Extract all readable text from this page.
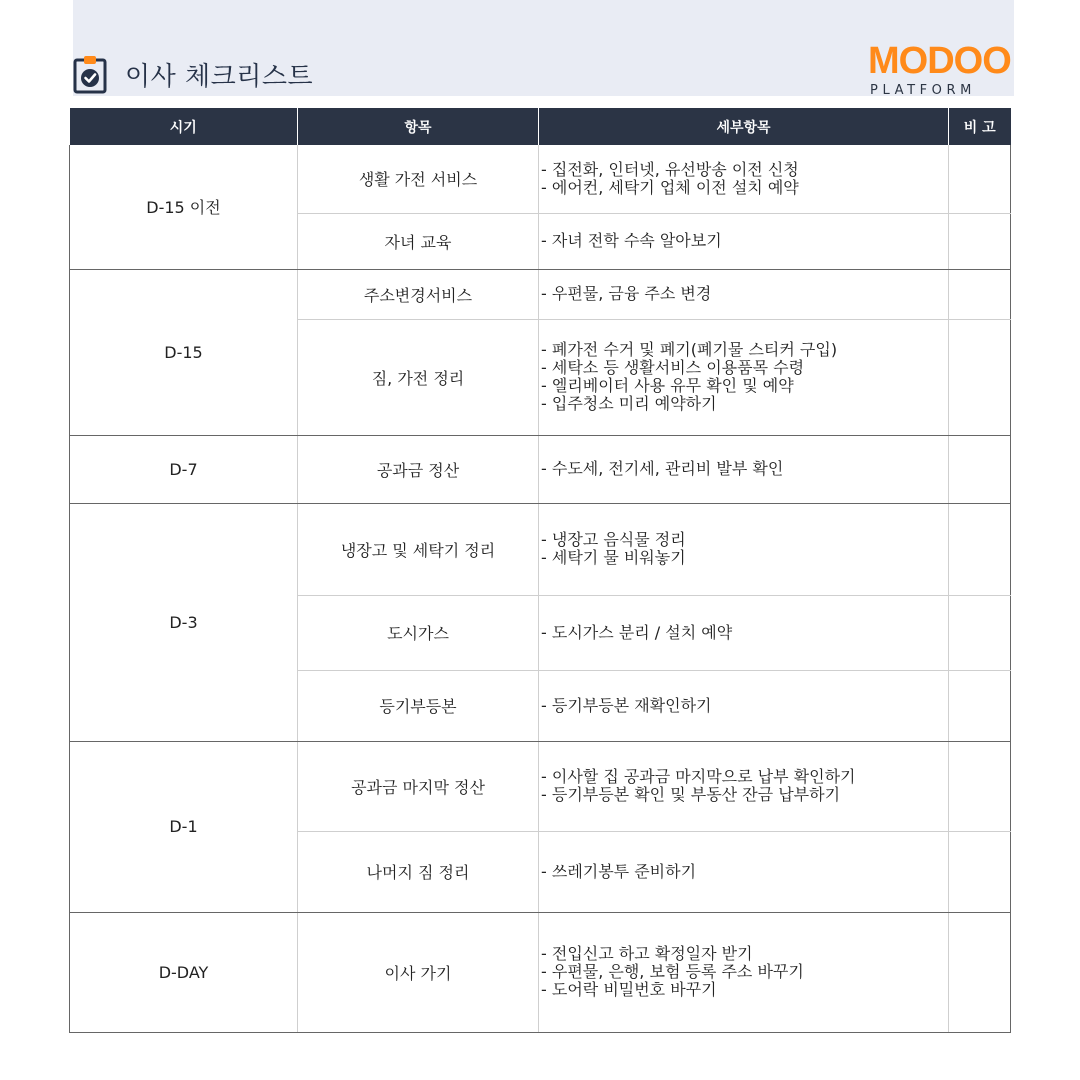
이사 체크리스트	MODOO
PLATFORM
시기	항목	세부항목	비 고
D-15 이전	생활 가전 서비스	- 집전화, 인터넷, 유선방송 이전 신청
- 에어컨, 세탁기 업체 이전 설치 예약	

	자녀 교육	- 자녀 전학 수속 알아보기	

D-15	주소변경서비스	- 우편물, 금융 주소 변경	

	짐, 가전 정리	- 폐가전 수거 및 폐기(폐기물 스티커 구입)
- 세탁소 등 생활서비스 이용품목 수령
- 엘리베이터 사용 유무 확인 및 예약
- 입주청소 미리 예약하기	

D-7	공과금 정산	- 수도세, 전기세, 관리비 발부 확인	

D-3	냉장고 및 세탁기 정리	- 냉장고 음식물 정리
- 세탁기 물 비워놓기	

	도시가스	- 도시가스 분리 / 설치 예약	

	등기부등본	- 등기부등본 재확인하기	

D-1	공과금 마지막 정산	- 이사할 집 공과금 마지막으로 납부 확인하기
- 등기부등본 확인 및 부동산 잔금 납부하기	

	나머지 짐 정리	- 쓰레기봉투 준비하기	

D-DAY	이사 가기	- 전입신고 하고 확정일자 받기
- 우편물, 은행, 보험 등록 주소 바꾸기
- 도어락 비밀번호 바꾸기	
